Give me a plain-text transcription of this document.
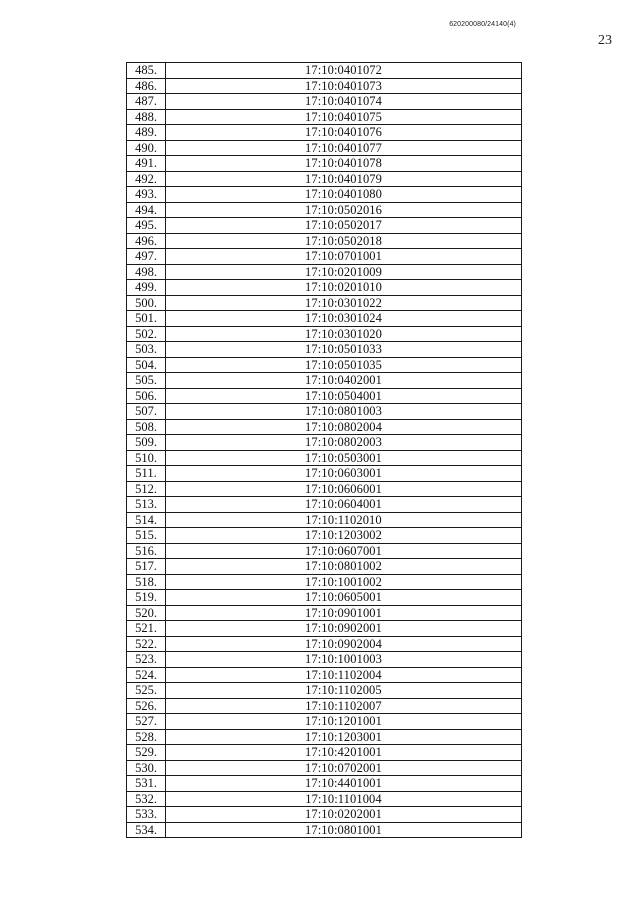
620200080/24140(4)
23
485.	17:10:0401072
486.	17:10:0401073
487.	17:10:0401074
488.	17:10:0401075
489.	17:10:0401076
490.	17:10:0401077
491.	17:10:0401078
492.	17:10:0401079
493.	17:10:0401080
494.	17:10:0502016
495.	17:10:0502017
496.	17:10:0502018
497.	17:10:0701001
498.	17:10:0201009
499.	17:10:0201010
500.	17:10:0301022
501.	17:10:0301024
502.	17:10:0301020
503.	17:10:0501033
504.	17:10:0501035
505.	17:10:0402001
506.	17:10:0504001
507.	17:10:0801003
508.	17:10:0802004
509.	17:10:0802003
510.	17:10:0503001
511.	17:10:0603001
512.	17:10:0606001
513.	17:10:0604001
514.	17:10:1102010
515.	17:10:1203002
516.	17:10:0607001
517.	17:10:0801002
518.	17:10:1001002
519.	17:10:0605001
520.	17:10:0901001
521.	17:10:0902001
522.	17:10:0902004
523.	17:10:1001003
524.	17:10:1102004
525.	17:10:1102005
526.	17:10:1102007
527.	17:10:1201001
528.	17:10:1203001
529.	17:10:4201001
530.	17:10:0702001
531.	17:10:4401001
532.	17:10:1101004
533.	17:10:0202001
534.	17:10:0801001
